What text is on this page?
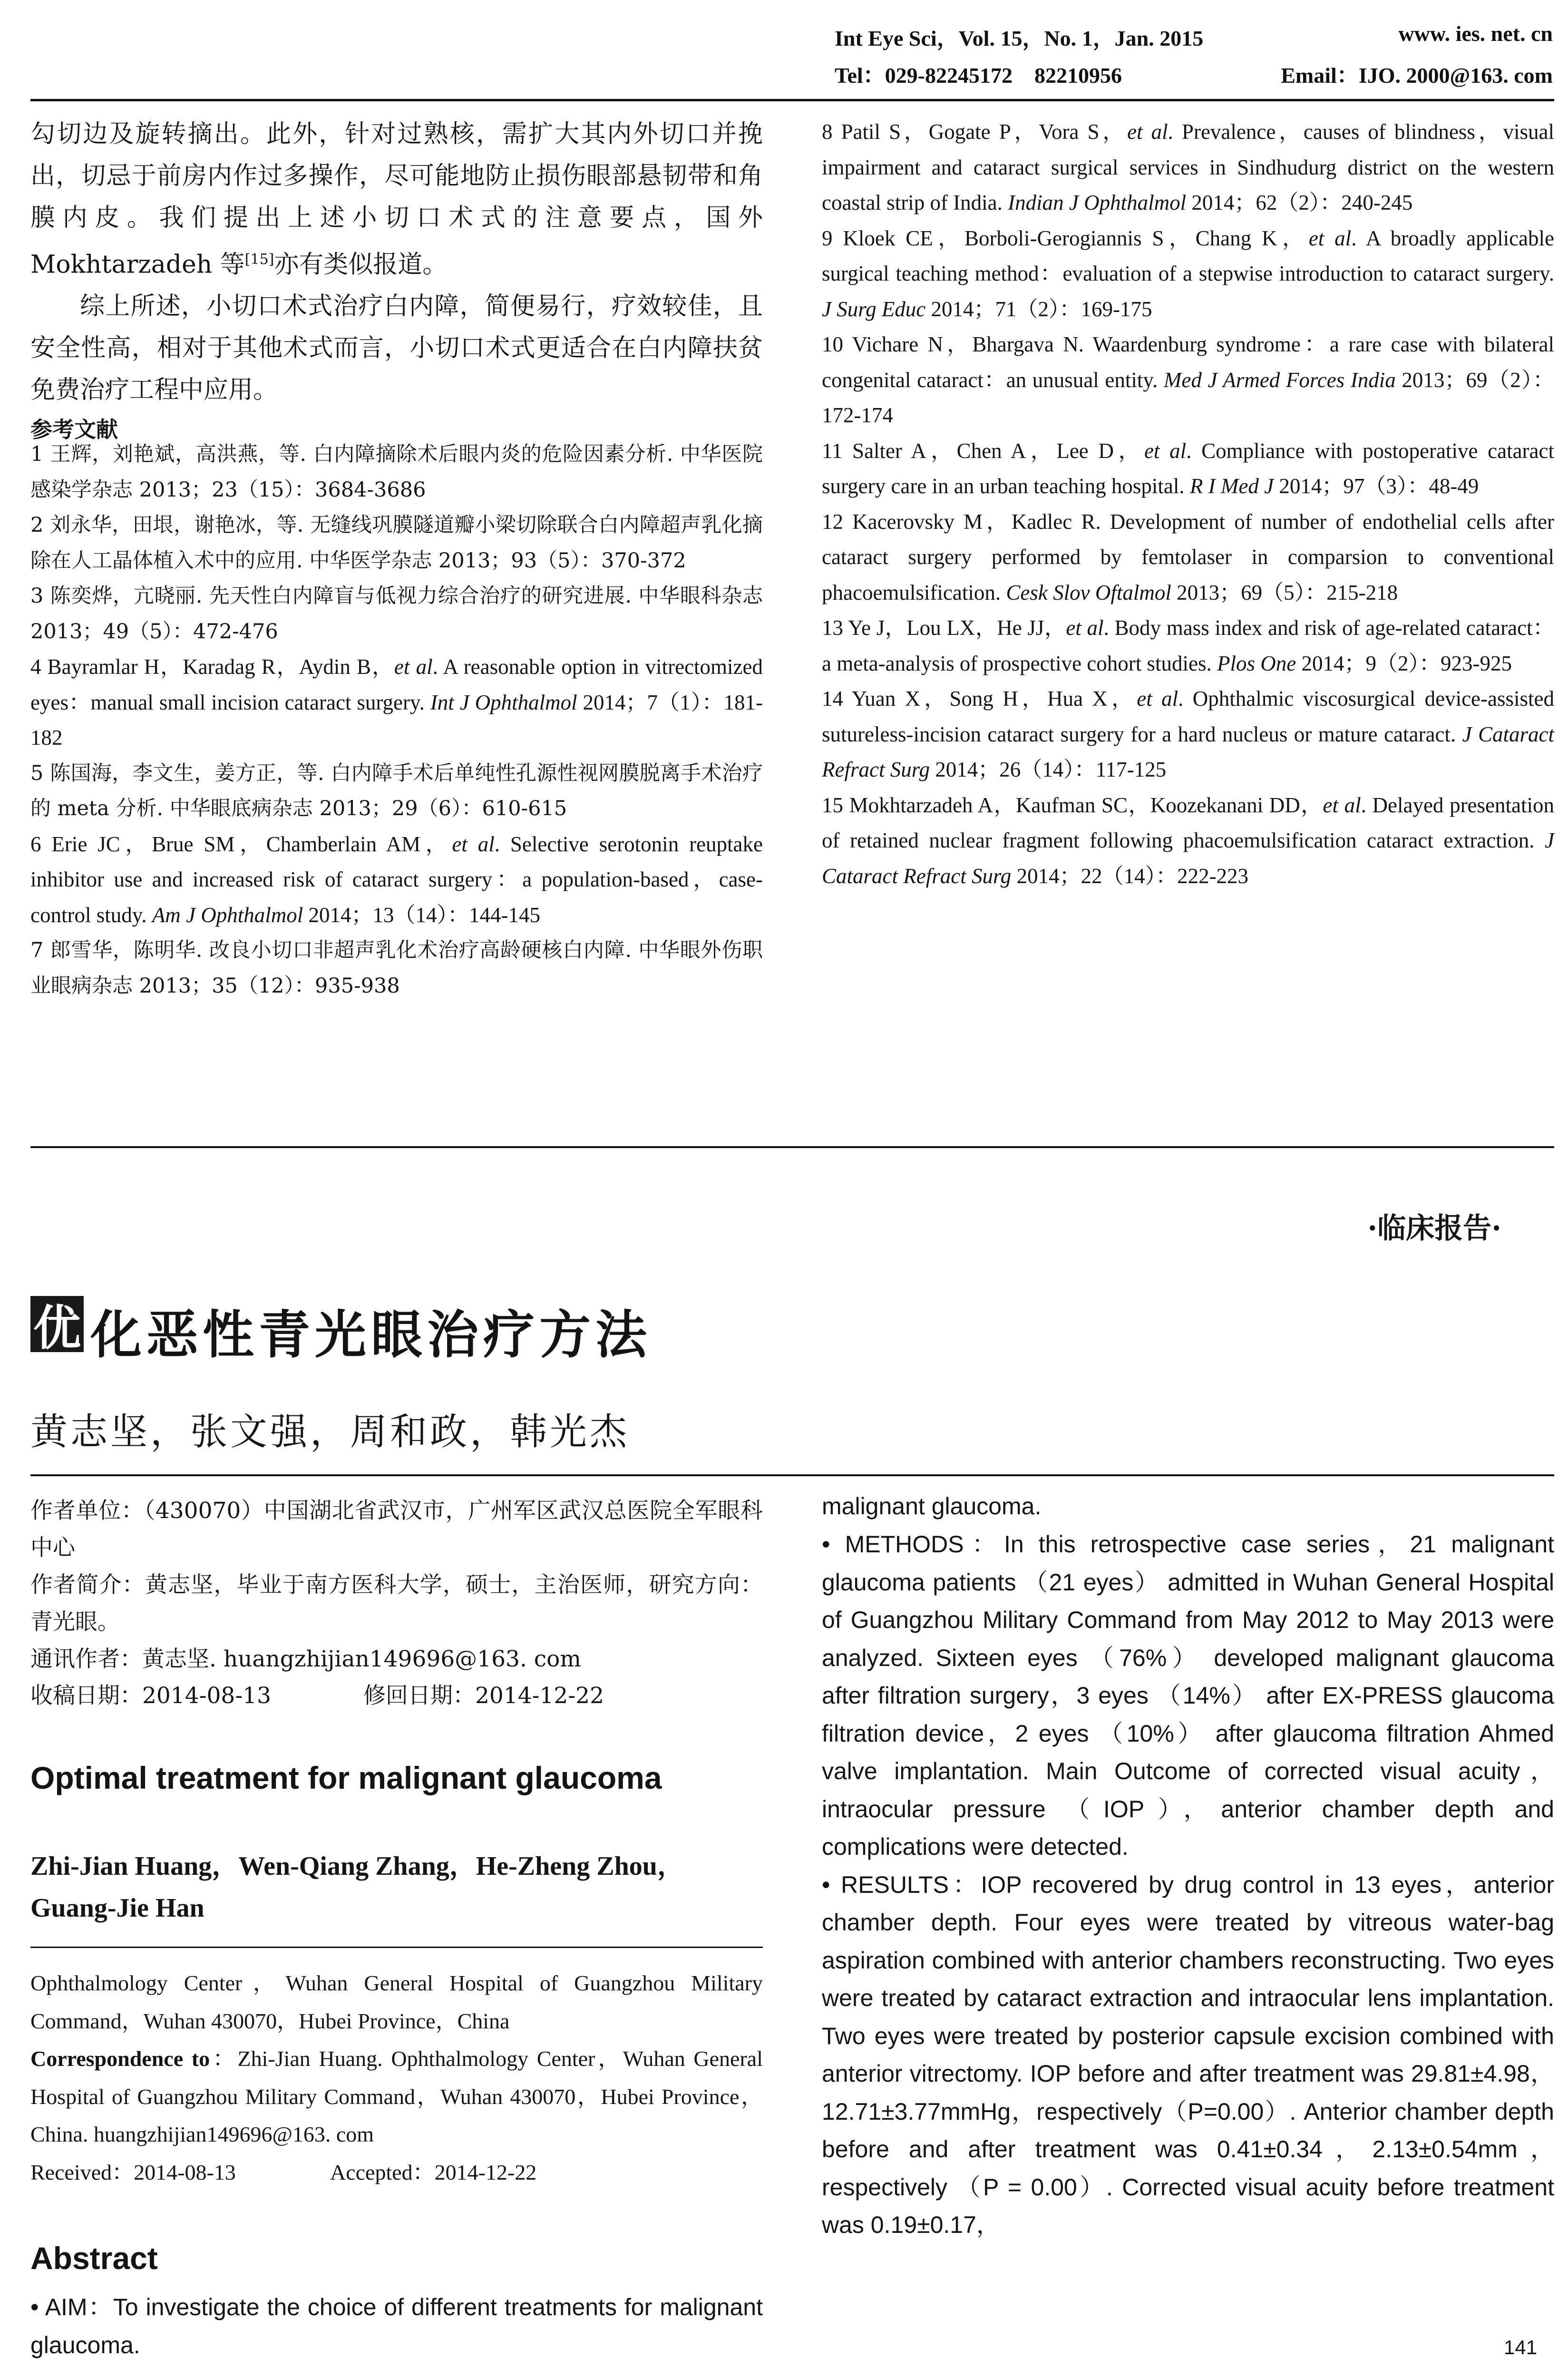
Int Eye Sci，Vol. 15，No. 1，Jan. 2015	www. ies. net. cn
Tel：029-82245172　82210956	Email：IJO. 2000@163. com

勾切边及旋转摘出。此外，针对过熟核，需扩大其内外切口并挽出，切忌于前房内作过多操作，尽可能地防止损伤眼部悬韧带和角膜内皮。我们提出上述小切口术式的注意要点，国外 Mokhtarzadeh 等[15]亦有类似报道。

综上所述，小切口术式治疗白内障，简便易行，疗效较佳，且安全性高，相对于其他术式而言，小切口术式更适合在白内障扶贫免费治疗工程中应用。

参考文献

1 王辉，刘艳斌，高洪燕，等. 白内障摘除术后眼内炎的危险因素分析. 中华医院感染学杂志 2013；23（15）：3684-3686

2 刘永华，田垠，谢艳冰，等. 无缝线巩膜隧道瓣小梁切除联合白内障超声乳化摘除在人工晶体植入术中的应用. 中华医学杂志 2013；93（5）：370-372

3 陈奕烨，亢晓丽. 先天性白内障盲与低视力综合治疗的研究进展. 中华眼科杂志 2013；49（5）：472-476

4 Bayramlar H，Karadag R，Aydin B，et al. A reasonable option in vitrectomized eyes：manual small incision cataract surgery. Int J Ophthalmol 2014；7（1）：181-182

5 陈国海，李文生，姜方正，等. 白内障手术后单纯性孔源性视网膜脱离手术治疗的 meta 分析. 中华眼底病杂志 2013；29（6）：610-615

6 Erie JC，Brue SM，Chamberlain AM，et al. Selective serotonin reuptake inhibitor use and increased risk of cataract surgery：a population-based，case-control study. Am J Ophthalmol 2014；13（14）：144-145

7 郎雪华，陈明华. 改良小切口非超声乳化术治疗高龄硬核白内障. 中华眼外伤职业眼病杂志 2013；35（12）：935-938

8 Patil S，Gogate P，Vora S，et al. Prevalence，causes of blindness，visual impairment and cataract surgical services in Sindhudurg district on the western coastal strip of India. Indian J Ophthalmol 2014；62（2）：240-245

9 Kloek CE，Borboli-Gerogiannis S，Chang K，et al. A broadly applicable surgical teaching method：evaluation of a stepwise introduction to cataract surgery. J Surg Educ 2014；71（2）：169-175

10 Vichare N，Bhargava N. Waardenburg syndrome：a rare case with bilateral congenital cataract：an unusual entity. Med J Armed Forces India 2013；69（2）：172-174

11 Salter A，Chen A，Lee D，et al. Compliance with postoperative cataract surgery care in an urban teaching hospital. R I Med J 2014；97（3）：48-49

12 Kacerovsky M，Kadlec R. Development of number of endothelial cells after cataract surgery performed by femtolaser in comparsion to conventional phacoemulsification. Cesk Slov Oftalmol 2013；69（5）：215-218

13 Ye J，Lou LX，He JJ，et al. Body mass index and risk of age-related cataract：a meta-analysis of prospective cohort studies. Plos One 2014；9（2）：923-925

14 Yuan X，Song H，Hua X，et al. Ophthalmic viscosurgical device-assisted sutureless-incision cataract surgery for a hard nucleus or mature cataract. J Cataract Refract Surg 2014；26（14）：117-125

15 Mokhtarzadeh A，Kaufman SC，Koozekanani DD，et al. Delayed presentation of retained nuclear fragment following phacoemulsification cataract extraction. J Cataract Refract Surg 2014；22（14）：222-223

·临床报告·
优 化恶性青光眼治疗方法
黄志坚，张文强，周和政，韩光杰

作者单位：（430070）中国湖北省武汉市，广州军区武汉总医院全军眼科中心

作者简介：黄志坚，毕业于南方医科大学，硕士，主治医师，研究方向：青光眼。

通讯作者：黄志坚. huangzhijian149696@163. com

收稿日期：2014-08-13	修回日期：2014-12-22
Optimal treatment for malignant glaucoma

Zhi-Jian Huang，Wen-Qiang Zhang，He-Zheng Zhou，Guang-Jie Han

Ophthalmology Center，Wuhan General Hospital of Guangzhou Military Command，Wuhan 430070，Hubei Province，China

Correspondence to：Zhi-Jian Huang. Ophthalmology Center，Wuhan General Hospital of Guangzhou Military Command，Wuhan 430070，Hubei Province，China. huangzhijian149696@163. com

Received：2014-08-13	Accepted：2014-12-22
Abstract

• AIM：To investigate the choice of different treatments for malignant glaucoma.

malignant glaucoma.

• METHODS：In this retrospective case series，21 malignant glaucoma patients （21 eyes） admitted in Wuhan General Hospital of Guangzhou Military Command from May 2012 to May 2013 were analyzed. Sixteen eyes （76%） developed malignant glaucoma after filtration surgery，3 eyes （14%） after EX-PRESS glaucoma filtration device，2 eyes （10%） after glaucoma filtration Ahmed valve implantation. Main Outcome of corrected visual acuity，intraocular pressure （IOP），anterior chamber depth and complications were detected.

• RESULTS：IOP recovered by drug control in 13 eyes，anterior chamber depth. Four eyes were treated by vitreous water-bag aspiration combined with anterior chambers reconstructing. Two eyes were treated by cataract extraction and intraocular lens implantation. Two eyes were treated by posterior capsule excision combined with anterior vitrectomy. IOP before and after treatment was 29.81±4.98，12.71±3.77mmHg，respectively（P=0.00）. Anterior chamber depth before and after treatment was 0.41±0.34，2.13±0.54mm，respectively （P = 0.00）. Corrected visual acuity before treatment was 0.19±0.17，

141
